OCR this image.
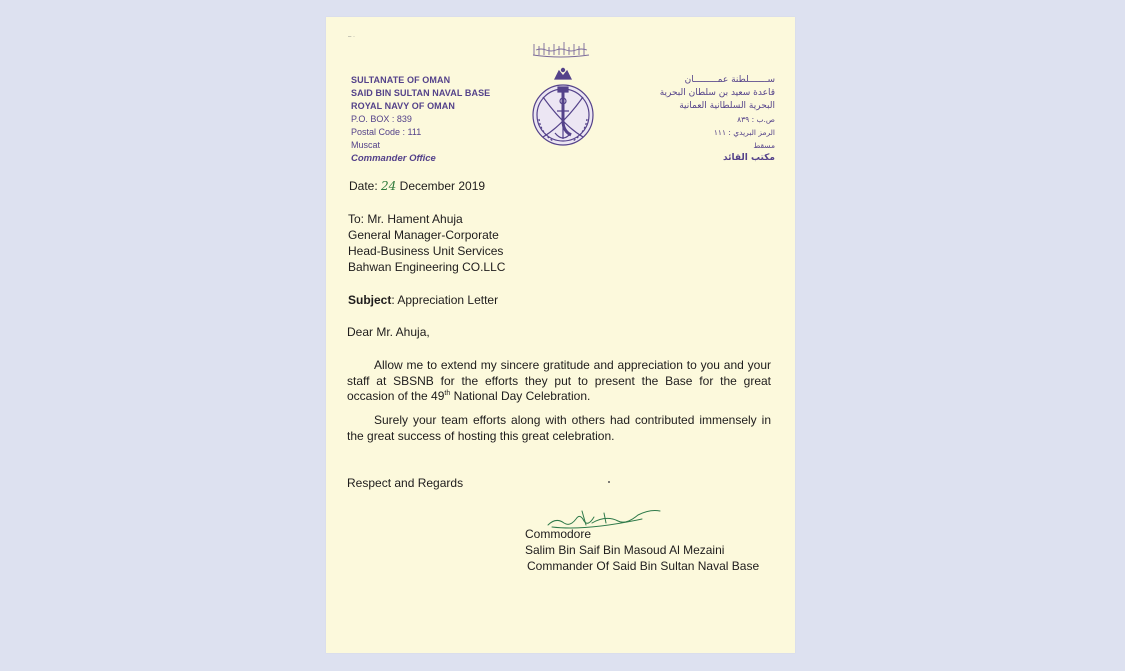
– ·
SULTANATE OF OMAN
SAID BIN SULTAN NAVAL BASE
ROYAL NAVY OF OMAN
P.O. BOX : 839
Postal Code : 111
Muscat
Commander Office
ســـــــلطنة عمـــــــــان
قاعدة سعيد بن سلطان البحرية
البحرية السلطانية العمانية
ص.ب : ٨٣٩
الرمز البريدي : ١١١
مسقط
مكتب القائد
Date: 24 December 2019
To: Mr. Hament Ahuja
General Manager-Corporate
Head-Business Unit Services
Bahwan Engineering CO.LLC
Subject: Appreciation Letter
Dear Mr. Ahuja,
Allow me to extend my sincere gratitude and appreciation to you and your staff at SBSNB for the efforts they put to present the Base for the great occasion of the 49th National Day Celebration.
Surely your team efforts along with others had contributed immensely in the great success of hosting this great celebration.
Respect and Regards
Commodore
Salim Bin Saif Bin Masoud Al Mezaini
Commander Of Said Bin Sultan Naval Base
